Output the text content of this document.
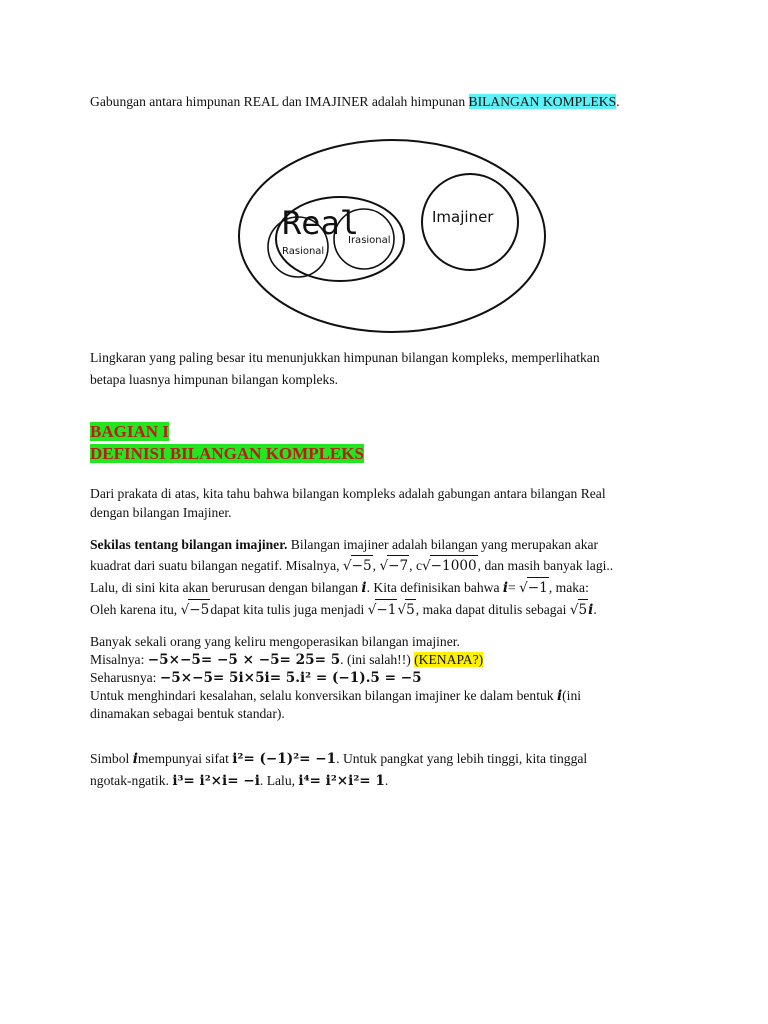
Gabungan antara himpunan REAL dan IMAJINER adalah himpunan BILANGAN KOMPLEKS.
Real
Rasional
Irasional
Imajiner
Lingkaran yang paling besar itu menunjukkan himpunan bilangan kompleks, memperlihatkan
betapa luasnya himpunan bilangan kompleks.
BAGIAN I
DEFINISI BILANGAN KOMPLEKS
Dari prakata di atas, kita tahu bahwa bilangan kompleks adalah gabungan antara bilangan Real
dengan bilangan Imajiner.
Sekilas tentang bilangan imajiner. Bilangan imajiner adalah bilangan yang merupakan akar
kuadrat dari suatu bilangan negatif. Misalnya, √−5, √−7, c√−1000, dan masih banyak lagi..
Lalu, di sini kita akan berurusan dengan bilangan i. Kita definisikan bahwa i= √−1, maka:
Oleh karena itu, √−5dapat kita tulis juga menjadi √−1√5, maka dapat ditulis sebagai √5i.
Banyak sekali orang yang keliru mengoperasikan bilangan imajiner.
Misalnya: −5×−5= −5 × −5= 25= 5. (ini salah!!) (KENAPA?)
Seharusnya: −5×−5= 5i×5i= 5.i² = (−1).5 = −5
Untuk menghindari kesalahan, selalu konversikan bilangan imajiner ke dalam bentuk i(ini
dinamakan sebagai bentuk standar).
Simbol imempunyai sifat i²= (−1)²= −1. Untuk pangkat yang lebih tinggi, kita tinggal
ngotak-ngatik. i³= i²×i= −i. Lalu, i⁴= i²×i²= 1.
